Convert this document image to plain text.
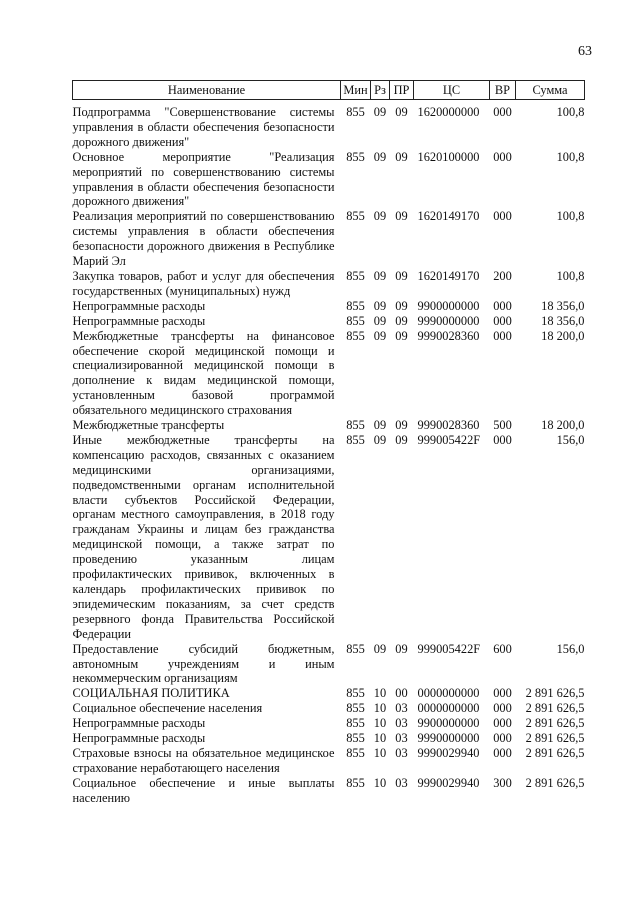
63
Наименование	Мин	Рз	ПР	ЦС	ВР	Сумма
Подпрограмма "Совершенствование системы управления в области обеспечения безопасности дорожного движения"	855	09	09	1620000000	000	100,8
Основное мероприятие "Реализация мероприятий по совершенствованию системы управления в области обеспечения безопасности дорожного движения"	855	09	09	1620100000	000	100,8
Реализация мероприятий по совершенствованию системы управления в области обеспечения безопасности дорожного движения в Республике Марий Эл	855	09	09	1620149170	000	100,8
Закупка товаров, работ и услуг для обеспечения государственных (муниципальных) нужд	855	09	09	1620149170	200	100,8
Непрограммные расходы	855	09	09	9900000000	000	18 356,0
Непрограммные расходы	855	09	09	9990000000	000	18 356,0
Межбюджетные трансферты на финансовое обеспечение скорой медицинской помощи и специализированной медицинской помощи в дополнение к видам медицинской помощи, установленным базовой программой обязательного медицинского страхования	855	09	09	9990028360	000	18 200,0
Межбюджетные трансферты	855	09	09	9990028360	500	18 200,0
Иные межбюджетные трансферты на компенсацию расходов, связанных с оказанием медицинскими организациями, подведомственными органам исполнительной власти субъектов Российской Федерации, органам местного самоуправления, в 2018 году гражданам Украины и лицам без гражданства медицинской помощи, а также затрат по проведению указанным лицам профилактических прививок, включенных в календарь профилактических прививок по эпидемическим показаниям, за счет средств резервного фонда Правительства Российской Федерации	855	09	09	999005422F	000	156,0
Предоставление субсидий бюджетным, автономным учреждениям и иным некоммерческим организациям	855	09	09	999005422F	600	156,0
СОЦИАЛЬНАЯ ПОЛИТИКА	855	10	00	0000000000	000	2 891 626,5
Социальное обеспечение населения	855	10	03	0000000000	000	2 891 626,5
Непрограммные расходы	855	10	03	9900000000	000	2 891 626,5
Непрограммные расходы	855	10	03	9990000000	000	2 891 626,5
Страховые взносы на обязательное медицинское страхование неработающего населения	855	10	03	9990029940	000	2 891 626,5
Социальное обеспечение и иные выплаты населению	855	10	03	9990029940	300	2 891 626,5
